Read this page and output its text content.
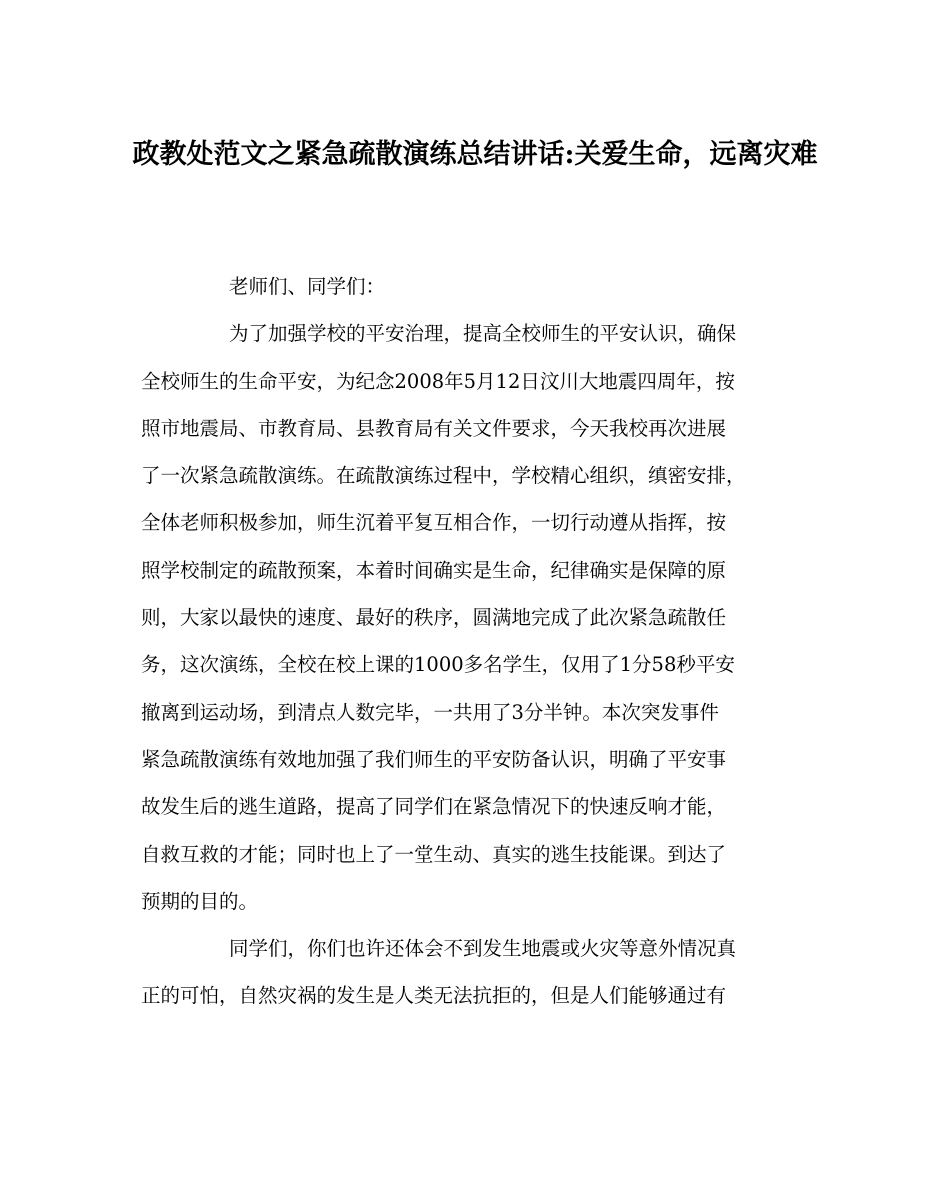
政教处范文之紧急疏散演练总结讲话:关爱生命，远离灾难
老师们、同学们：
为了加强学校的平安治理，提高全校师生的平安认识，确保
全校师生的生命平安，为纪念2008年5月12日汶川大地震四周年，按
照市地震局、市教育局、县教育局有关文件要求，今天我校再次进展
了一次紧急疏散演练。在疏散演练过程中，学校精心组织，缜密安排，
全体老师积极参加，师生沉着平复互相合作，一切行动遵从指挥，按
照学校制定的疏散预案，本着时间确实是生命，纪律确实是保障的原
则，大家以最快的速度、最好的秩序，圆满地完成了此次紧急疏散任
务，这次演练，全校在校上课的1000多名学生，仅用了1分58秒平安
撤离到运动场，到清点人数完毕，一共用了3分半钟。本次突发事件
紧急疏散演练有效地加强了我们师生的平安防备认识，明确了平安事
故发生后的逃生道路，提高了同学们在紧急情况下的快速反响才能，
自救互救的才能；同时也上了一堂生动、真实的逃生技能课。到达了
预期的目的。
同学们，你们也许还体会不到发生地震或火灾等意外情况真
正的可怕，自然灾祸的发生是人类无法抗拒的，但是人们能够通过有
